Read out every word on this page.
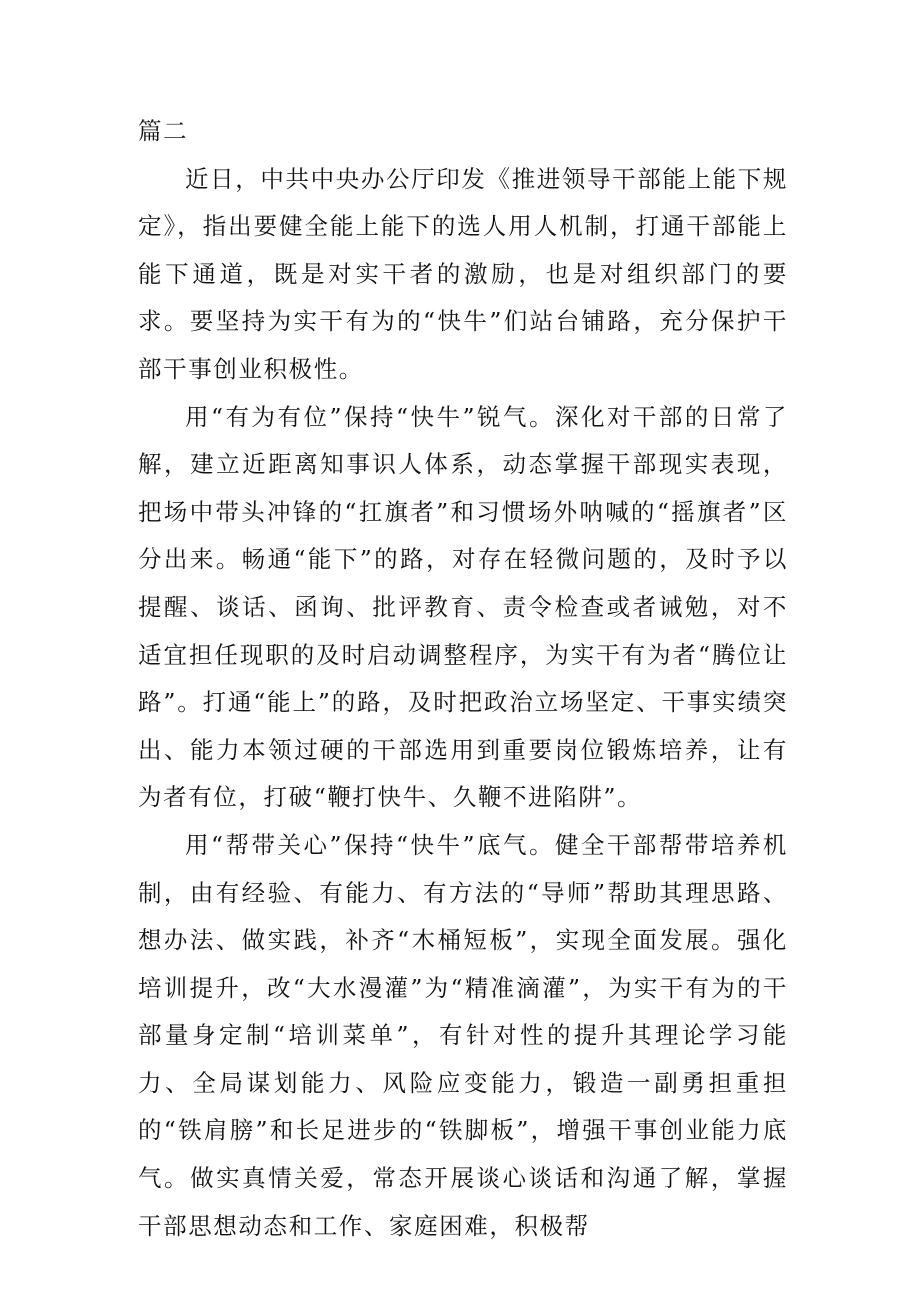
篇二

近日，中共中央办公厅印发《推进领导干部能上能下规定》，指出要健全能上能下的选人用人机制，打通干部能上能下通道，既是对实干者的激励，也是对组织部门的要求。要坚持为实干有为的“快牛”们站台铺路，充分保护干部干事创业积极性。

用“有为有位”保持“快牛”锐气。深化对干部的日常了解，建立近距离知事识人体系，动态掌握干部现实表现，把场中带头冲锋的“扛旗者”和习惯场外呐喊的“摇旗者”区分出来。畅通“能下”的路，对存在轻微问题的，及时予以提醒、谈话、函询、批评教育、责令检查或者诫勉，对不适宜担任现职的及时启动调整程序，为实干有为者“腾位让路”。打通“能上”的路，及时把政治立场坚定、干事实绩突出、能力本领过硬的干部选用到重要岗位锻炼培养，让有为者有位，打破“鞭打快牛、久鞭不进陷阱”。

用“帮带关心”保持“快牛”底气。健全干部帮带培养机制，由有经验、有能力、有方法的“导师”帮助其理思路、想办法、做实践，补齐“木桶短板”，实现全面发展。强化培训提升，改“大水漫灌”为“精准滴灌”，为实干有为的干部量身定制“培训菜单”，有针对性的提升其理论学习能力、全局谋划能力、风险应变能力，锻造一副勇担重担的“铁肩膀”和长足进步的“铁脚板”，增强干事创业能力底气。做实真情关爱，常态开展谈心谈话和沟通了解，掌握干部思想动态和工作、家庭困难，积极帮
